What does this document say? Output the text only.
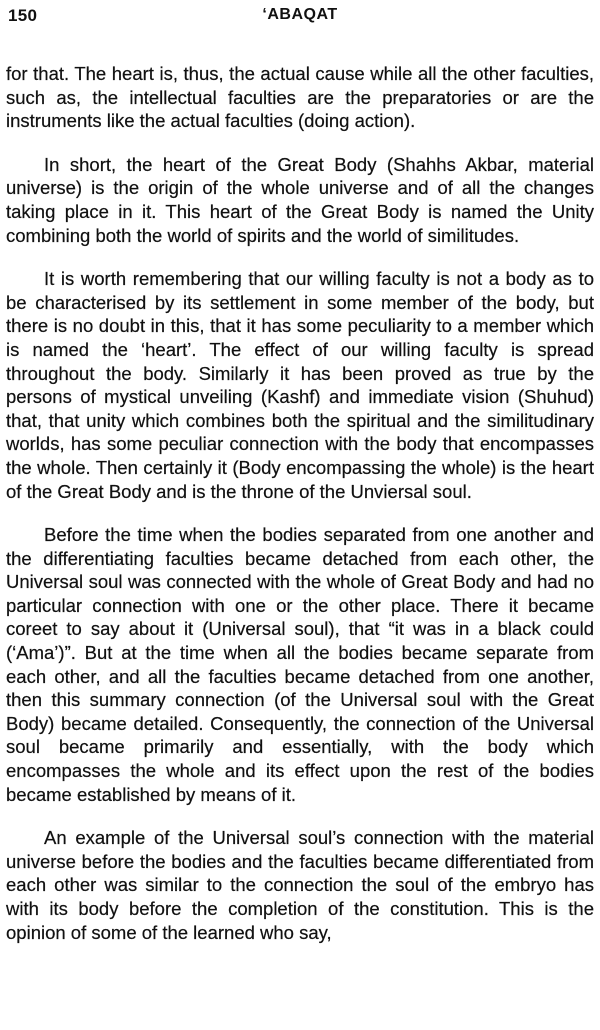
150	‘ABAQAT

for that. The heart is, thus, the actual cause while all the other faculties, such as, the intellectual faculties are the preparatories or are the instruments like the actual faculties (doing action).

In short, the heart of the Great Body (Shahhs Akbar, material universe) is the origin of the whole universe and of all the changes taking place in it. This heart of the Great Body is named the Unity combining both the world of spirits and the world of similitudes.

It is worth remembering that our willing faculty is not a body as to be characterised by its settlement in some member of the body, but there is no doubt in this, that it has some peculiarity to a member which is named the ‘heart’. The effect of our willing faculty is spread throughout the body. Similarly it has been proved as true by the persons of mystical unveiling (Kashf) and immediate vision (Shuhud) that, that unity which combines both the spiritual and the similitudinary worlds, has some peculiar connection with the body that encompasses the whole. Then certainly it (Body encompassing the whole) is the heart of the Great Body and is the throne of the Unviersal soul.

Before the time when the bodies separated from one another and the differentiating faculties became detached from each other, the Universal soul was connected with the whole of Great Body and had no particular connection with one or the other place. There it became coreet to say about it (Universal soul), that “it was in a black could (‘Ama’)”. But at the time when all the bodies became separate from each other, and all the faculties became detached from one another, then this summary connection (of the Universal soul with the Great Body) became detailed. Consequently, the connection of the Universal soul became primarily and essentially, with the body which encompasses the whole and its effect upon the rest of the bodies became established by means of it.

An example of the Universal soul’s connection with the material universe before the bodies and the faculties became differentiated from each other was similar to the connection the soul of the embryo has with its body before the completion of the constitution. This is the opinion of some of the learned who say,
